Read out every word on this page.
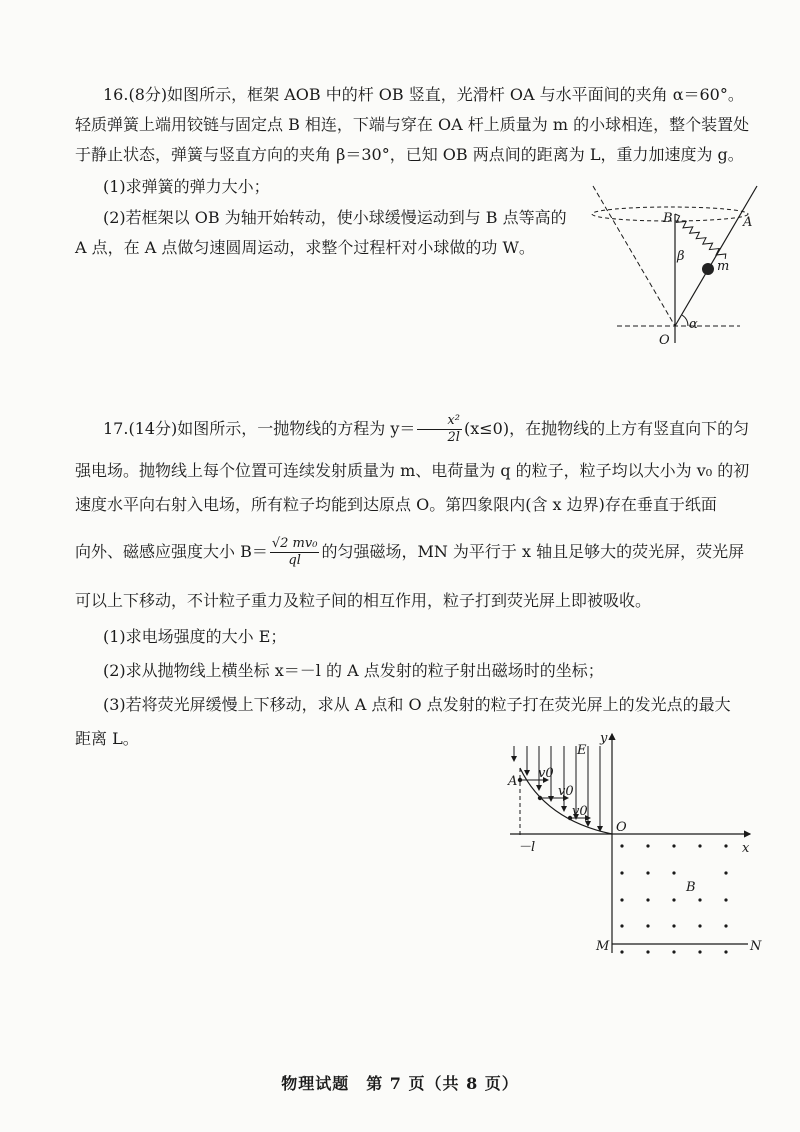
16.(8分)如图所示，框架 AOB 中的杆 OB 竖直，光滑杆 OA 与水平面间的夹角 α＝60°。

轻质弹簧上端用铰链与固定点 B 相连，下端与穿在 OA 杆上质量为 m 的小球相连，整个装置处

于静止状态，弹簧与竖直方向的夹角 β＝30°，已知 OB 两点间的距离为 L，重力加速度为 g。

(1)求弹簧的弹力大小；

(2)若框架以 OB 为轴开始转动，使小球缓慢运动到与 B 点等高的

A 点，在 A 点做匀速圆周运动，求整个过程杆对小球做的功 W。

B	A
β
m
α
O
17.(14分)如图所示，一抛物线的方程为 $y= \frac{\text{x²}}{2l} (x\le 0)$，在抛物线的上方有竖直向下的匀

强电场。抛物线上每个位置可连续发射质量为 m、电荷量为 q 的粒子，粒子均以大小为 v₀ 的初

速度水平向右射入电场，所有粒子均能到达原点 O。第四象限内(含 x 边界)存在垂直于纸面

向外、磁感应强度大小 $B= \frac{\text{√2 mv₀}}{ql}$ 的匀强磁场，MN 为平行于 x 轴且足够大的荧光屏，荧光屏

可以上下移动，不计粒子重力及粒子间的相互作用，粒子打到荧光屏上即被吸收。

(1)求电场强度的大小 E；

(2)求从抛物线上横坐标 x＝－l 的 A 点发射的粒子射出磁场时的坐标；

(3)若将荧光屏缓慢上下移动，求从 A 点和 O 点发射的粒子打在荧光屏上的发光点的最大

距离 L。	y
E
A
v0
v0
v0
O
x
－l
B
M	N
物理试题　第 7 页（共 8 页）
